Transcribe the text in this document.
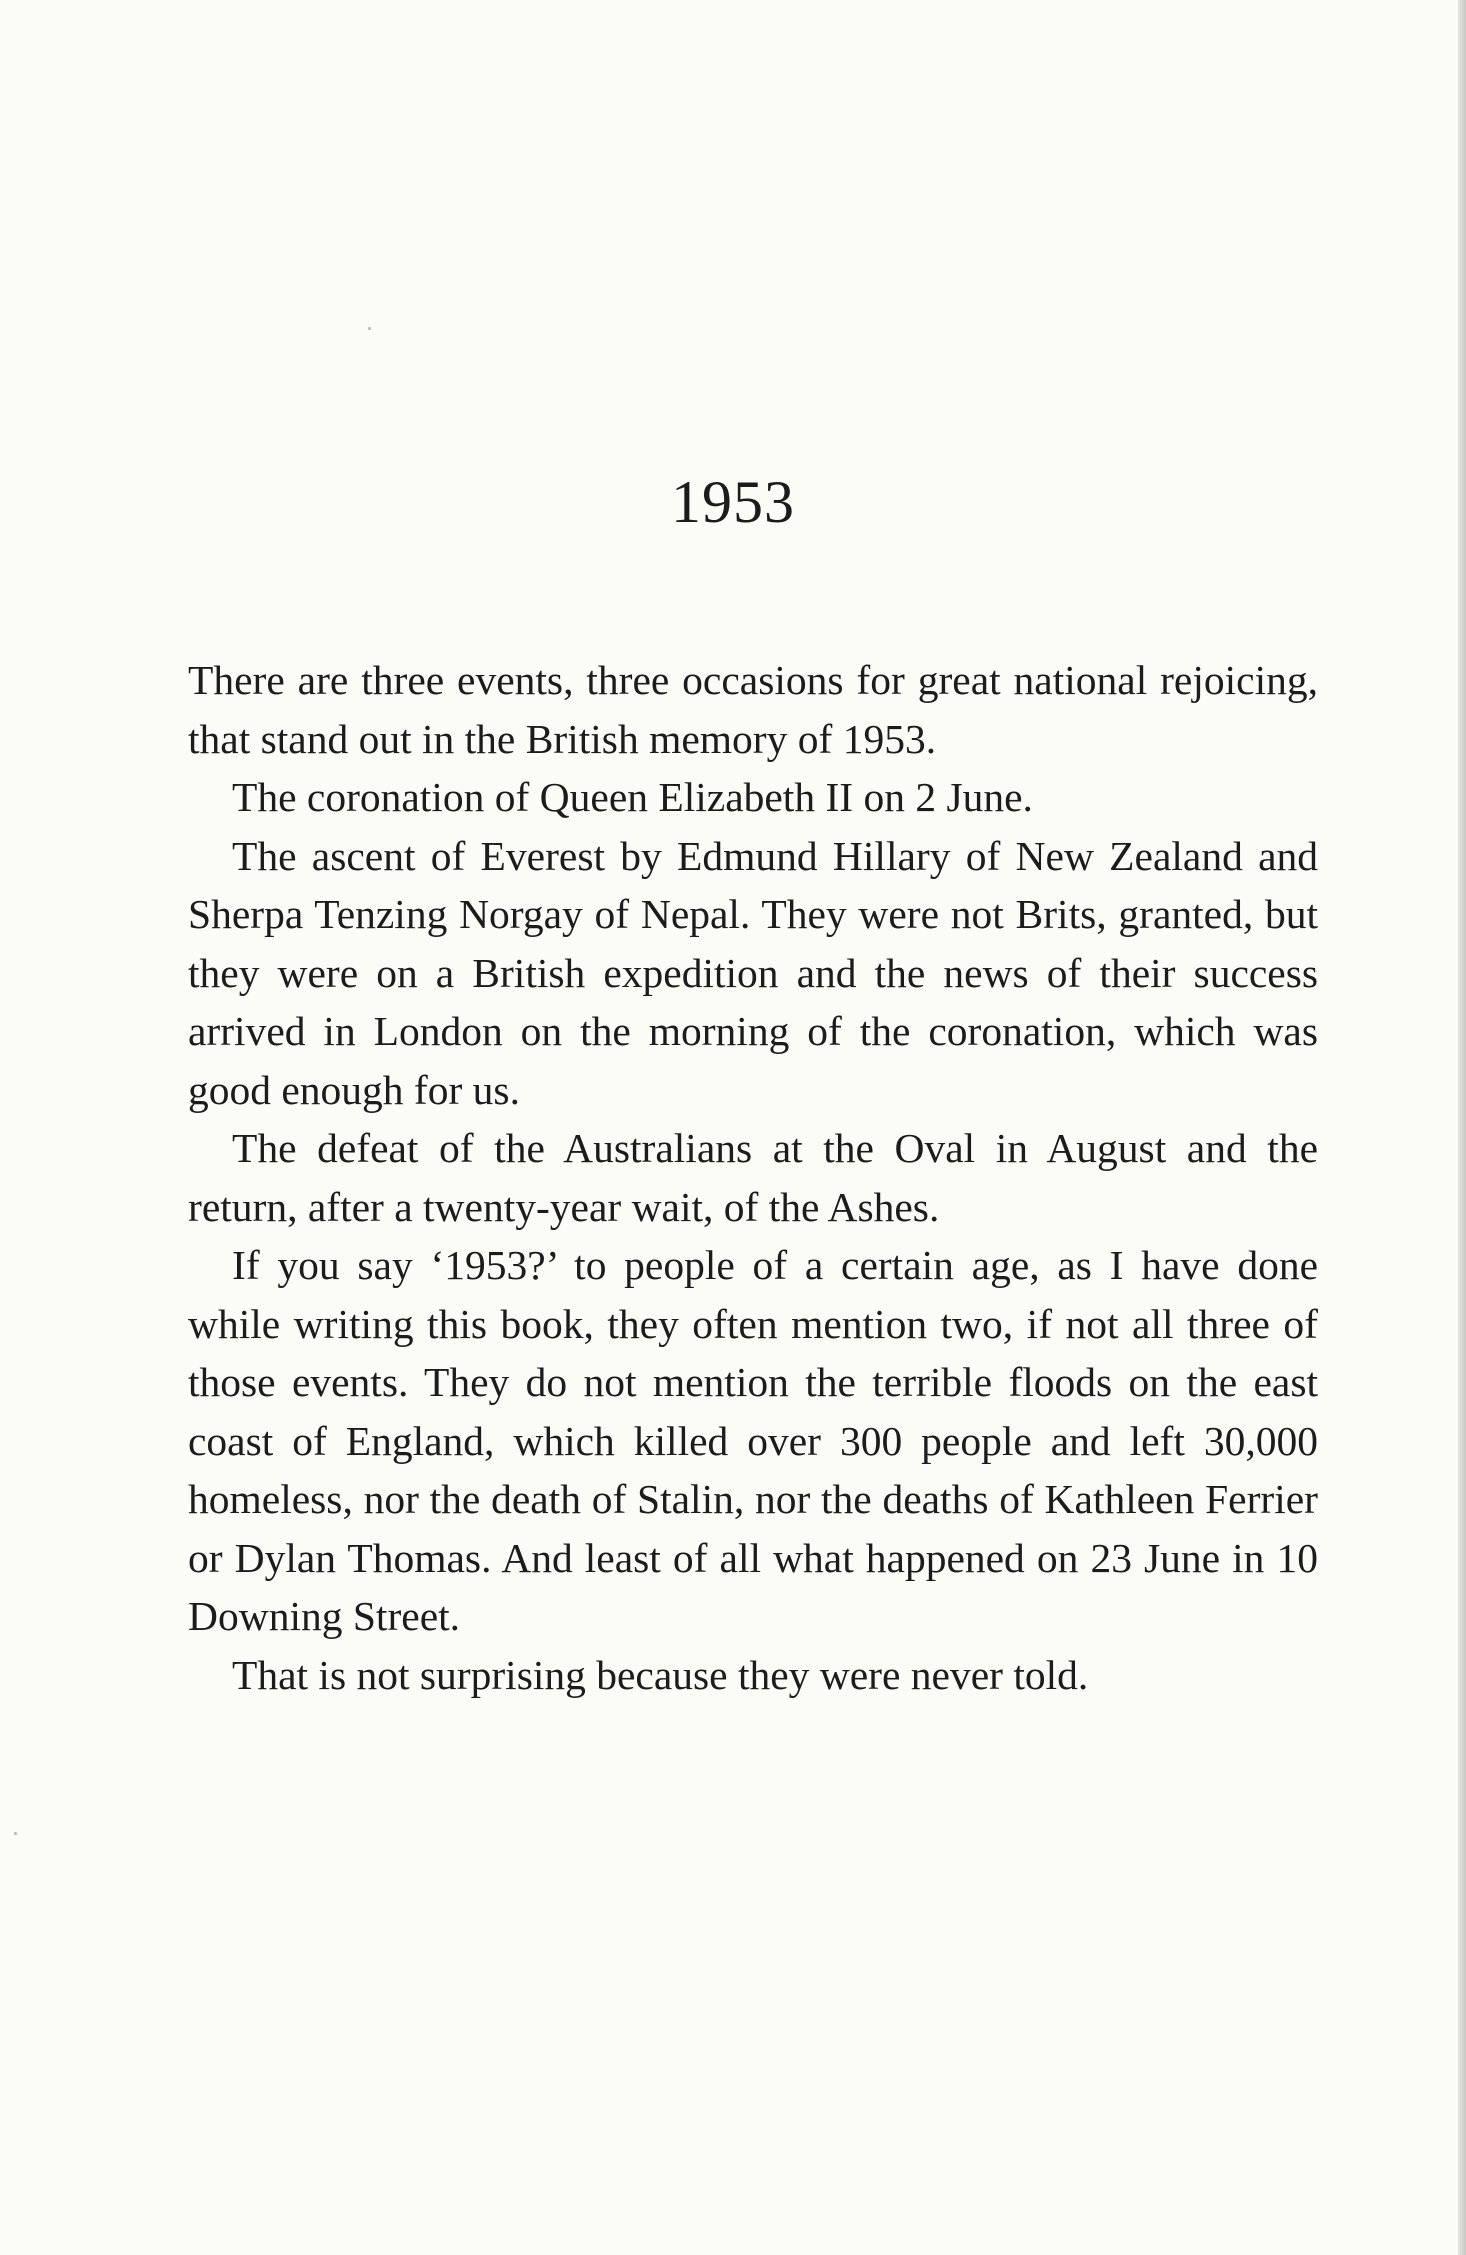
1953

There are three events, three occasions for great national rejoicing, that stand out in the British memory of 1953.

The coronation of Queen Elizabeth II on 2 June.

The ascent of Everest by Edmund Hillary of New Zealand and Sherpa Tenzing Norgay of Nepal. They were not Brits, granted, but they were on a British expedition and the news of their success arrived in London on the morning of the coronation, which was good enough for us.

The defeat of the Australians at the Oval in August and the return, after a twenty-year wait, of the Ashes.

If you say ‘1953?’ to people of a certain age, as I have done while writing this book, they often mention two, if not all three of those events. They do not mention the terrible floods on the east coast of England, which killed over 300 people and left 30,000 homeless, nor the death of Stalin, nor the deaths of Kathleen Ferrier or Dylan Thomas. And least of all what happened on 23 June in 10 Downing Street.

That is not surprising because they were never told.
